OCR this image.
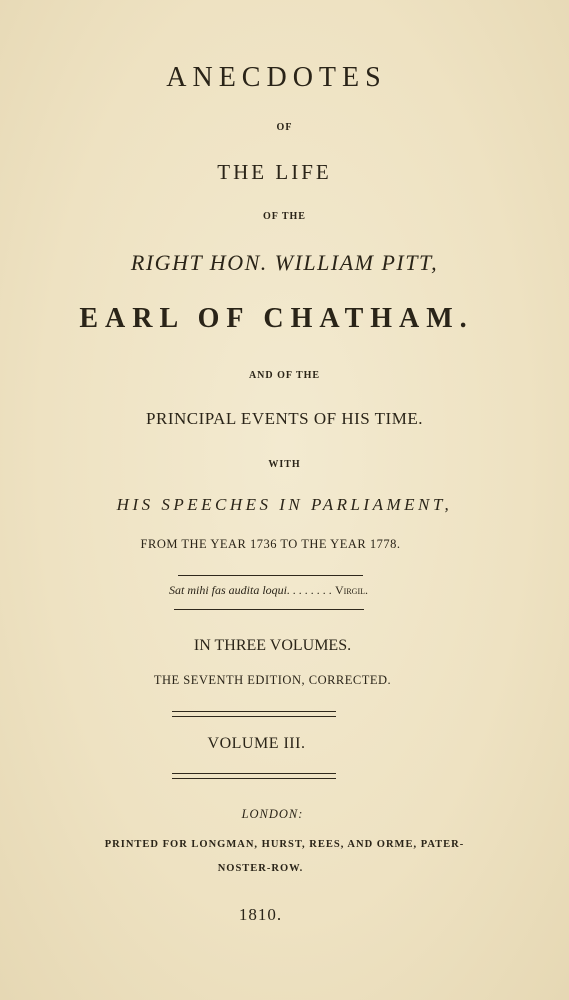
ANECDOTES
OF
THE LIFE
OF THE
RIGHT HON. WILLIAM PITT,
EARL OF CHATHAM.
AND OF THE
PRINCIPAL EVENTS OF HIS TIME.
WITH
HIS SPEECHES IN PARLIAMENT,
FROM THE YEAR 1736 TO THE YEAR 1778.
Sat mihi fas audita loqui. . . . . . . . Virgil.
IN THREE VOLUMES.
THE SEVENTH EDITION, CORRECTED.
VOLUME III.
LONDON:
PRINTED FOR LONGMAN, HURST, REES, AND ORME, PATER-
NOSTER-ROW.
1810.
